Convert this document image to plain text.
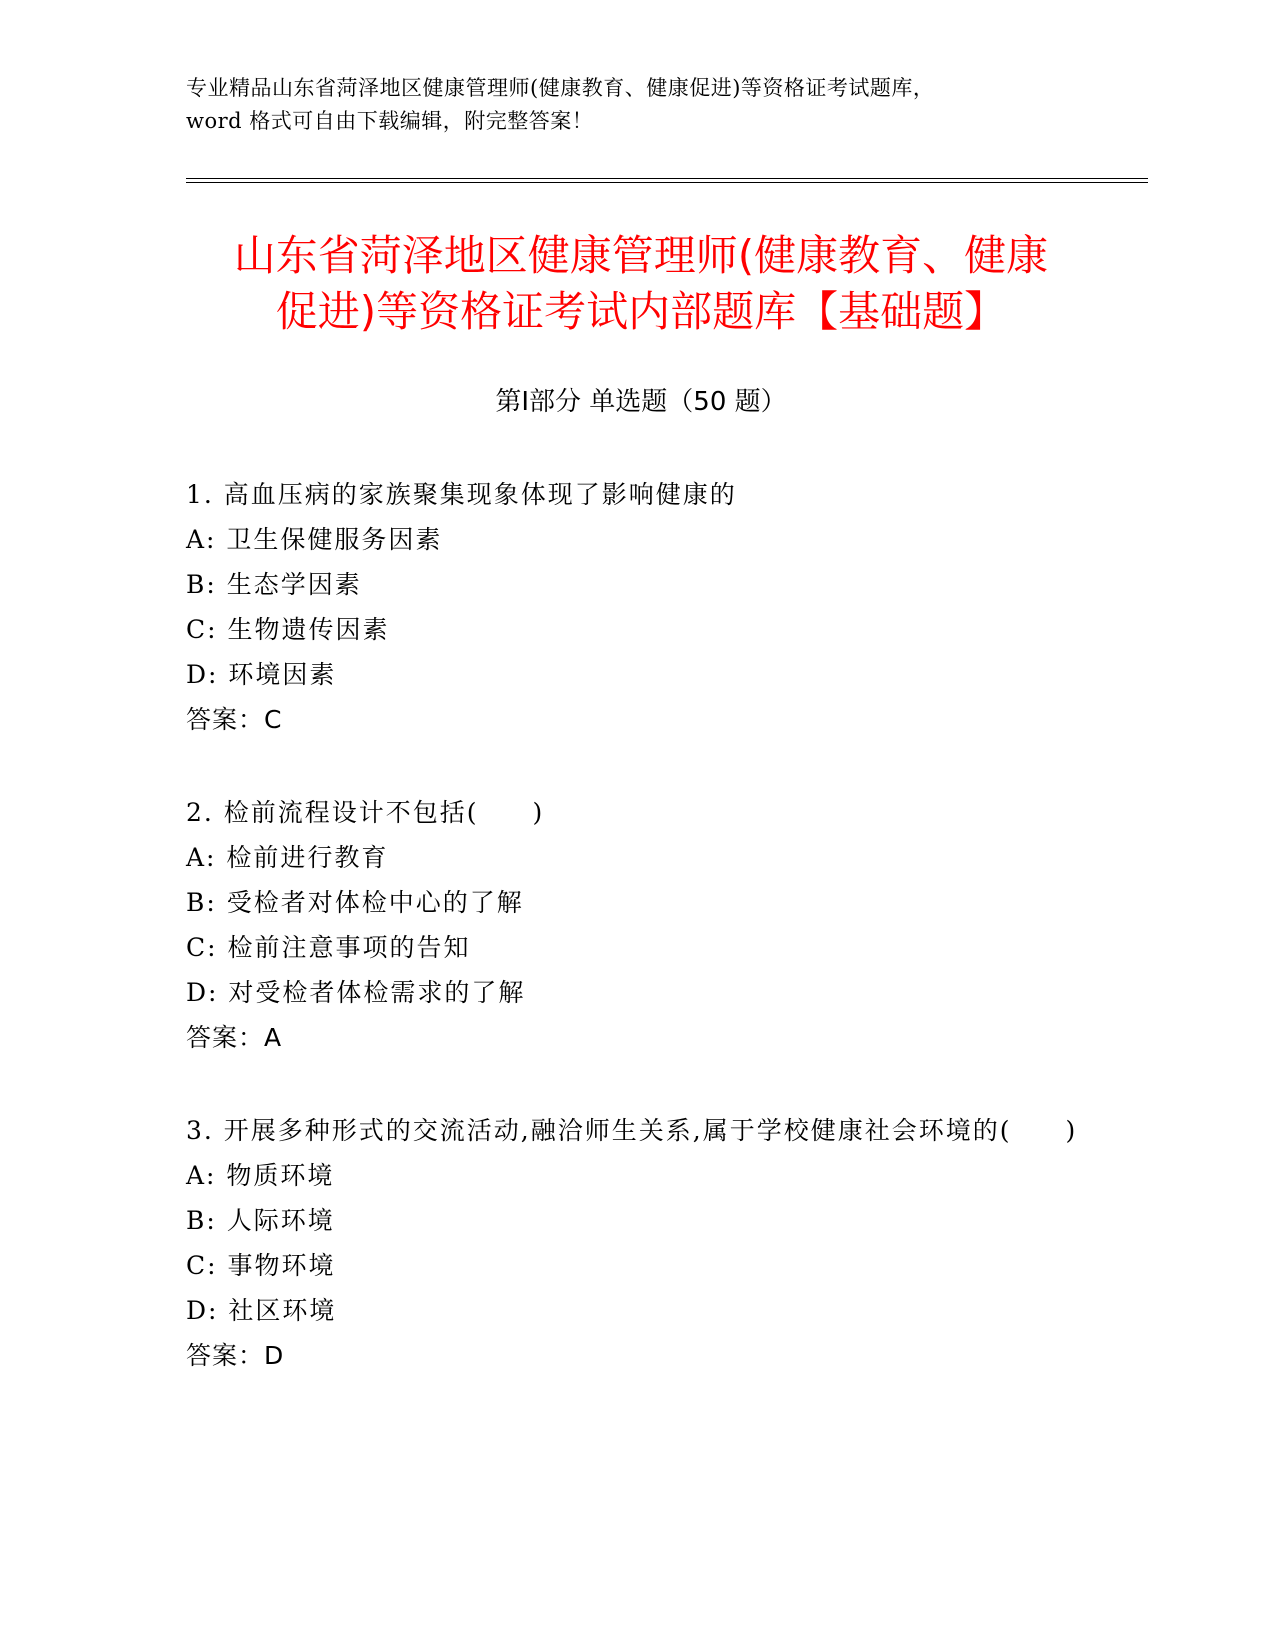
专业精品山东省菏泽地区健康管理师(健康教育、健康促进)等资格证考试题库，
word 格式可自由下载编辑，附完整答案！
山东省菏泽地区健康管理师(健康教育、健康
促进)等资格证考试内部题库【基础题】
第Ⅰ部分 单选题（50 题）

1. 高血压病的家族聚集现象体现了影响健康的

A: 卫生保健服务因素

B: 生态学因素

C: 生物遗传因素

D: 环境因素

答案：C

2. 检前流程设计不包括(　　)

A: 检前进行教育

B: 受检者对体检中心的了解

C: 检前注意事项的告知

D: 对受检者体检需求的了解

答案：A

3. 开展多种形式的交流活动,融洽师生关系,属于学校健康社会环境的(　　)

A: 物质环境

B: 人际环境

C: 事物环境

D: 社区环境

答案：D
